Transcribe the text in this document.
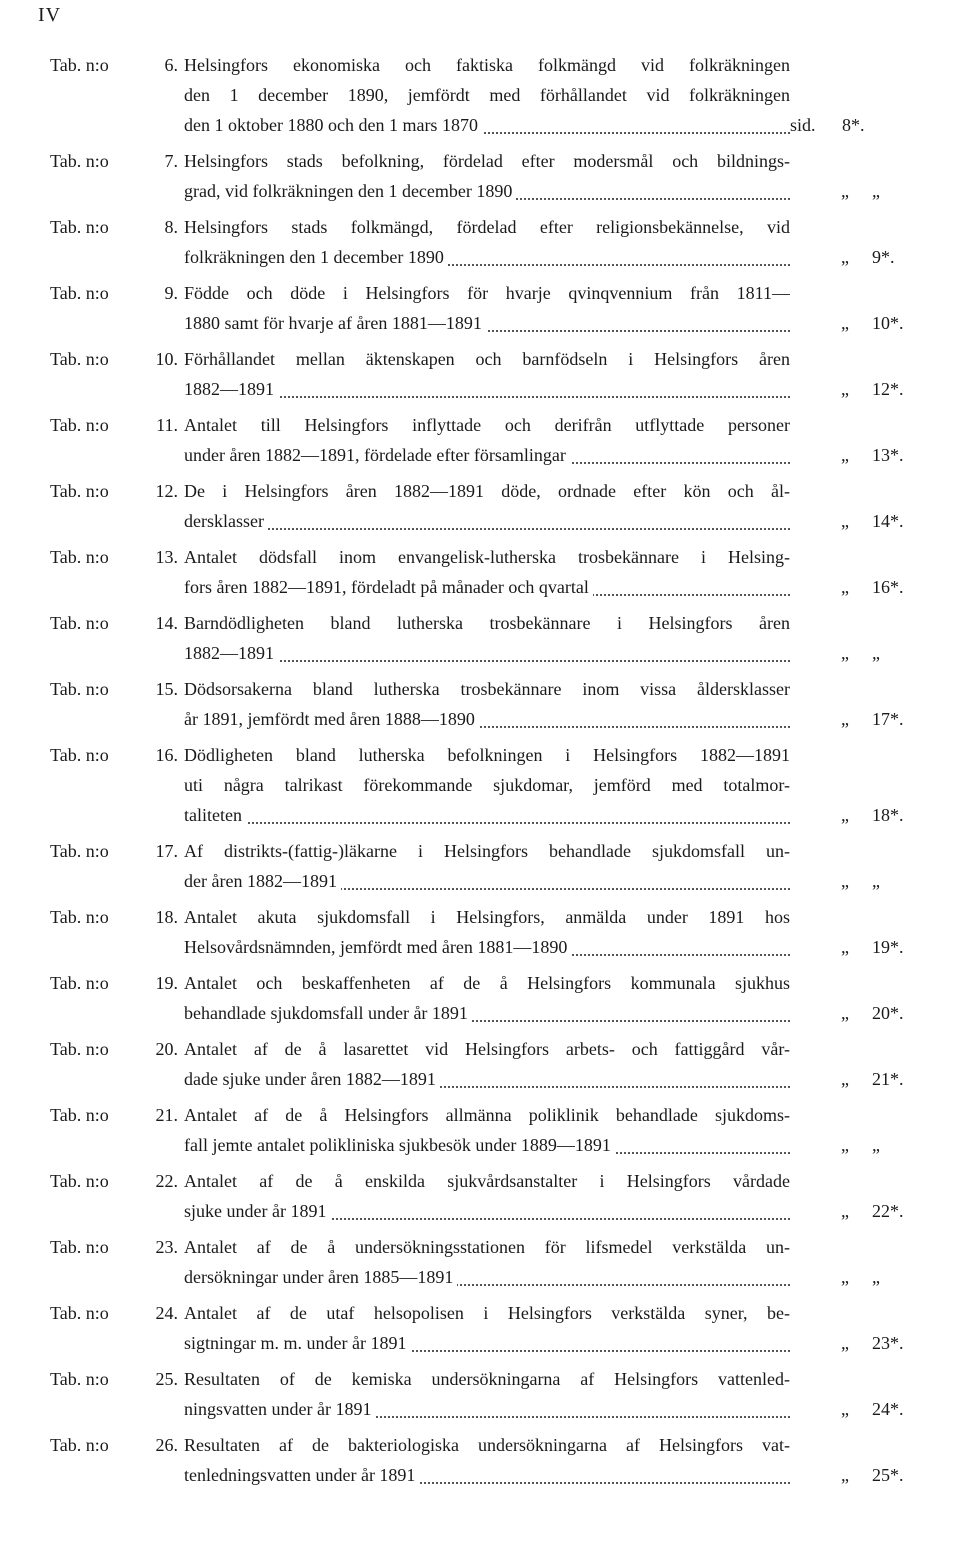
IV
Tab. n:o	6. Helsingfors ekonomiska och faktiska folkmängd vid folkräkningen
den 1 december 1890, jemfördt med förhållandet vid folkräkningen
den 1 oktober 1880 och den 1 mars 1870	sid.	8*.
Tab. n:o	7. Helsingfors stads befolkning, fördelad efter modersmål och bildnings-
grad, vid folkräkningen den 1 december 1890	„	„
Tab. n:o	8. Helsingfors stads folkmängd, fördelad efter religionsbekännelse, vid
folkräkningen den 1 december 1890	„	9*.
Tab. n:o	9. Födde och döde i Helsingfors för hvarje qvinqvennium från 1811—
1880 samt för hvarje af åren 1881—1891	„	10*.
Tab. n:o	10. Förhållandet mellan äktenskapen och barnfödseln i Helsingfors åren
1882—1891	„	12*.
Tab. n:o	11. Antalet till Helsingfors inflyttade och derifrån utflyttade personer
under åren 1882—1891, fördelade efter församlingar	„	13*.
Tab. n:o	12. De i Helsingfors åren 1882—1891 döde, ordnade efter kön och ål-
dersklasser	„	14*.
Tab. n:o	13. Antalet dödsfall inom envangelisk-lutherska trosbekännare i Helsing-
fors åren 1882—1891, fördeladt på månader och qvartal	„	16*.
Tab. n:o	14. Barndödligheten bland lutherska trosbekännare i Helsingfors åren
1882—1891	„	„
Tab. n:o	15. Dödsorsakerna bland lutherska trosbekännare inom vissa åldersklasser
år 1891, jemfördt med åren 1888—1890	„	17*.
Tab. n:o	16. Dödligheten bland lutherska befolkningen i Helsingfors 1882—1891
uti några talrikast förekommande sjukdomar, jemförd med totalmor-
taliteten	„	18*.
Tab. n:o	17. Af distrikts-(fattig-)läkarne i Helsingfors behandlade sjukdomsfall un-
der åren 1882—1891	„	„
Tab. n:o	18. Antalet akuta sjukdomsfall i Helsingfors, anmälda under 1891 hos
Helsovårdsnämnden, jemfördt med åren 1881—1890	„	19*.
Tab. n:o	19. Antalet och beskaffenheten af de å Helsingfors kommunala sjukhus
behandlade sjukdomsfall under år 1891	„	20*.
Tab. n:o	20. Antalet af de å lasarettet vid Helsingfors arbets- och fattiggård vår-
dade sjuke under åren 1882—1891	„	21*.
Tab. n:o	21. Antalet af de å Helsingfors allmänna poliklinik behandlade sjukdoms-
fall jemte antalet polikliniska sjukbesök under 1889—1891	„	„
Tab. n:o	22. Antalet af de å enskilda sjukvårdsanstalter i Helsingfors vårdade
sjuke under år 1891	„	22*.
Tab. n:o	23. Antalet af de å undersökningsstationen för lifsmedel verkstälda un-
dersökningar under åren 1885—1891	„	„
Tab. n:o	24. Antalet af de utaf helsopolisen i Helsingfors verkstälda syner, be-
sigtningar m. m. under år 1891	„	23*.
Tab. n:o	25. Resultaten of de kemiska undersökningarna af Helsingfors vattenled-
ningsvatten under år 1891	„	24*.
Tab. n:o	26. Resultaten af de bakteriologiska undersökningarna af Helsingfors vat-
tenledningsvatten under år 1891	„	25*.
